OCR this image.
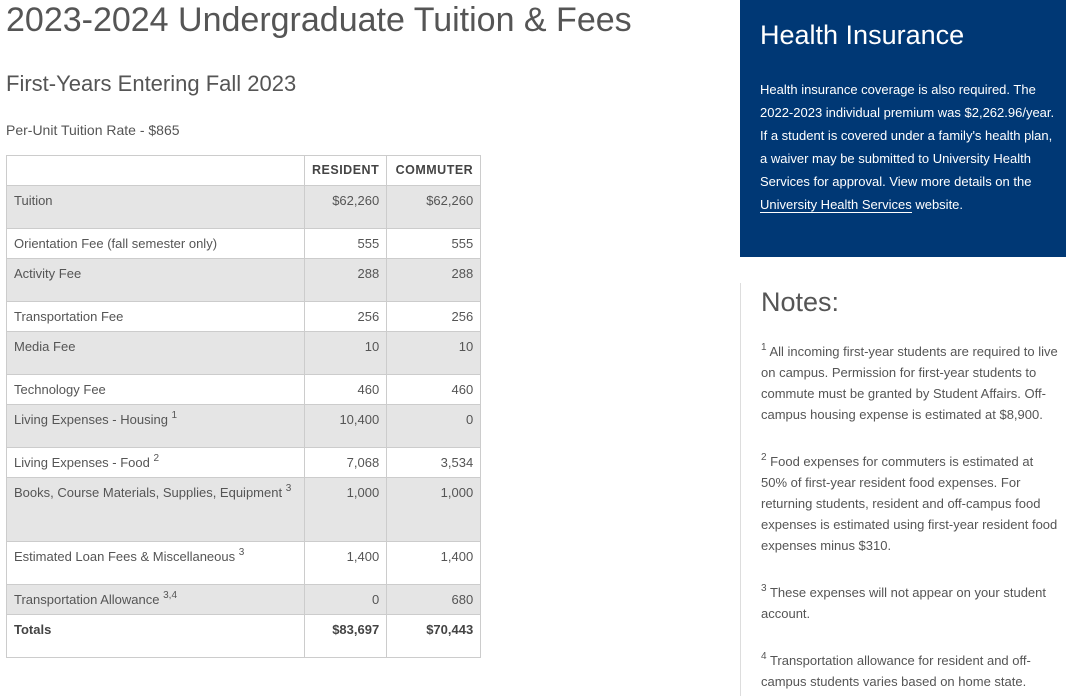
2023-2024 Undergraduate Tuition & Fees
First-Years Entering Fall 2023
Per-Unit Tuition Rate - $865
	RESIDENT	COMMUTER
Tuition	$62,260	$62,260
Orientation Fee (fall semester only)	555	555
Activity Fee	288	288
Transportation Fee	256	256
Media Fee	10	10
Technology Fee	460	460
Living Expenses - Housing $^1$	10,400	0
Living Expenses - Food $^2$	7,068	3,534
Books, Course Materials, Supplies, Equipment $^3$	1,000	1,000
Estimated Loan Fees & Miscellaneous $^3$	1,400	1,400
Transportation Allowance $^{3,4}$	0	680
Totals	$83,697	$70,443
Health Insurance

Health insurance coverage is also required. The 2022-2023 individual premium was $2,262.96/year. If a student is covered under a family's health plan, a waiver may be submitted to University Health Services for approval. View more details on the University Health Services website.

Notes:

$^1$ All incoming first-year students are required to live on campus. Permission for first-year students to commute must be granted by Student Affairs. Off-campus housing expense is estimated at $8,900.

$^2$ Food expenses for commuters is estimated at 50% of first-year resident food expenses. For returning students, resident and off-campus food expenses is estimated using first-year resident food expenses minus $310.

$^3$ These expenses will not appear on your student account.

$^4$ Transportation allowance for resident and off-campus students varies based on home state.
